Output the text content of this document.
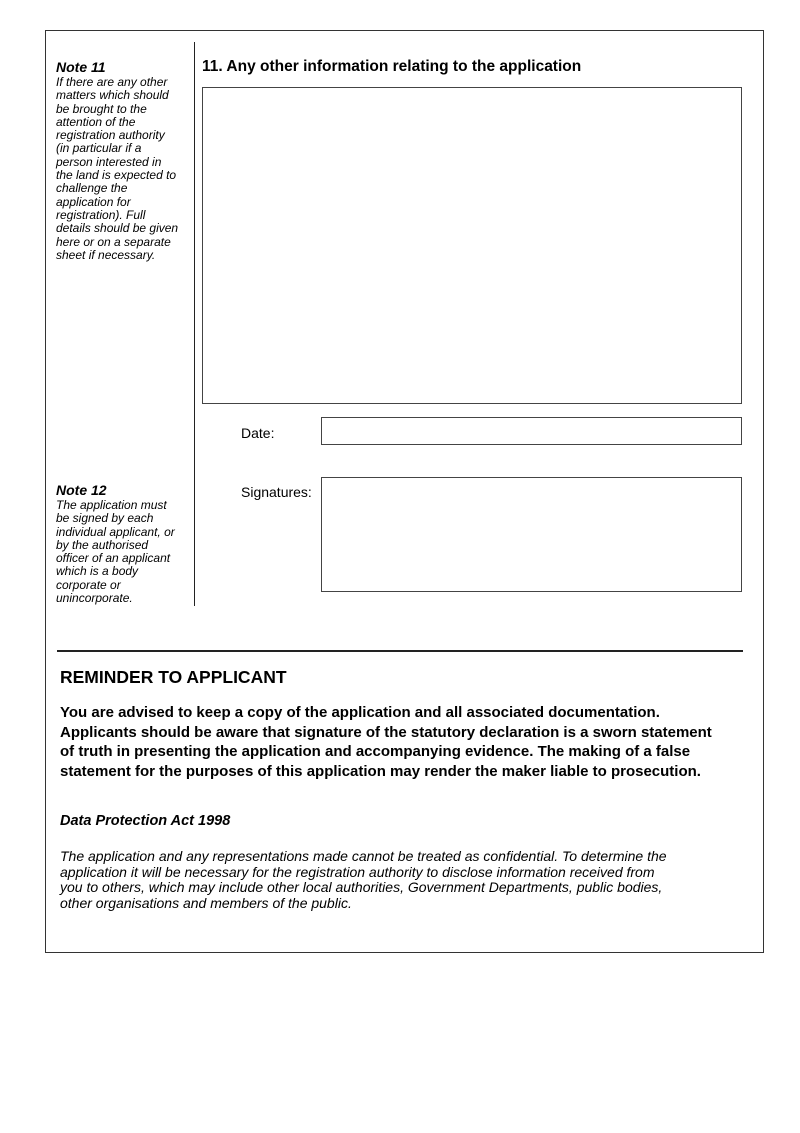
Note 11
If there are any other
matters which should
be brought to the
attention of the
registration authority
(in particular if a
person interested in
the land is expected to
challenge the
application for
registration). Full
details should be given
here or on a separate
sheet if necessary.
11. Any other information relating to the application
Date:
Note 12
The application must
be signed by each
individual applicant, or
by the authorised
officer of an applicant
which is a body
corporate or
unincorporate.
Signatures:
REMINDER TO APPLICANT
You are advised to keep a copy of the application and all associated documentation.
Applicants should be aware that signature of the statutory declaration is a sworn statement
of truth in presenting the application and accompanying evidence. The making of a false
statement for the purposes of this application may render the maker liable to prosecution.
Data Protection Act 1998
The application and any representations made cannot be treated as confidential. To determine the
application it will be necessary for the registration authority to disclose information received from
you to others, which may include other local authorities, Government Departments, public bodies,
other organisations and members of the public.
